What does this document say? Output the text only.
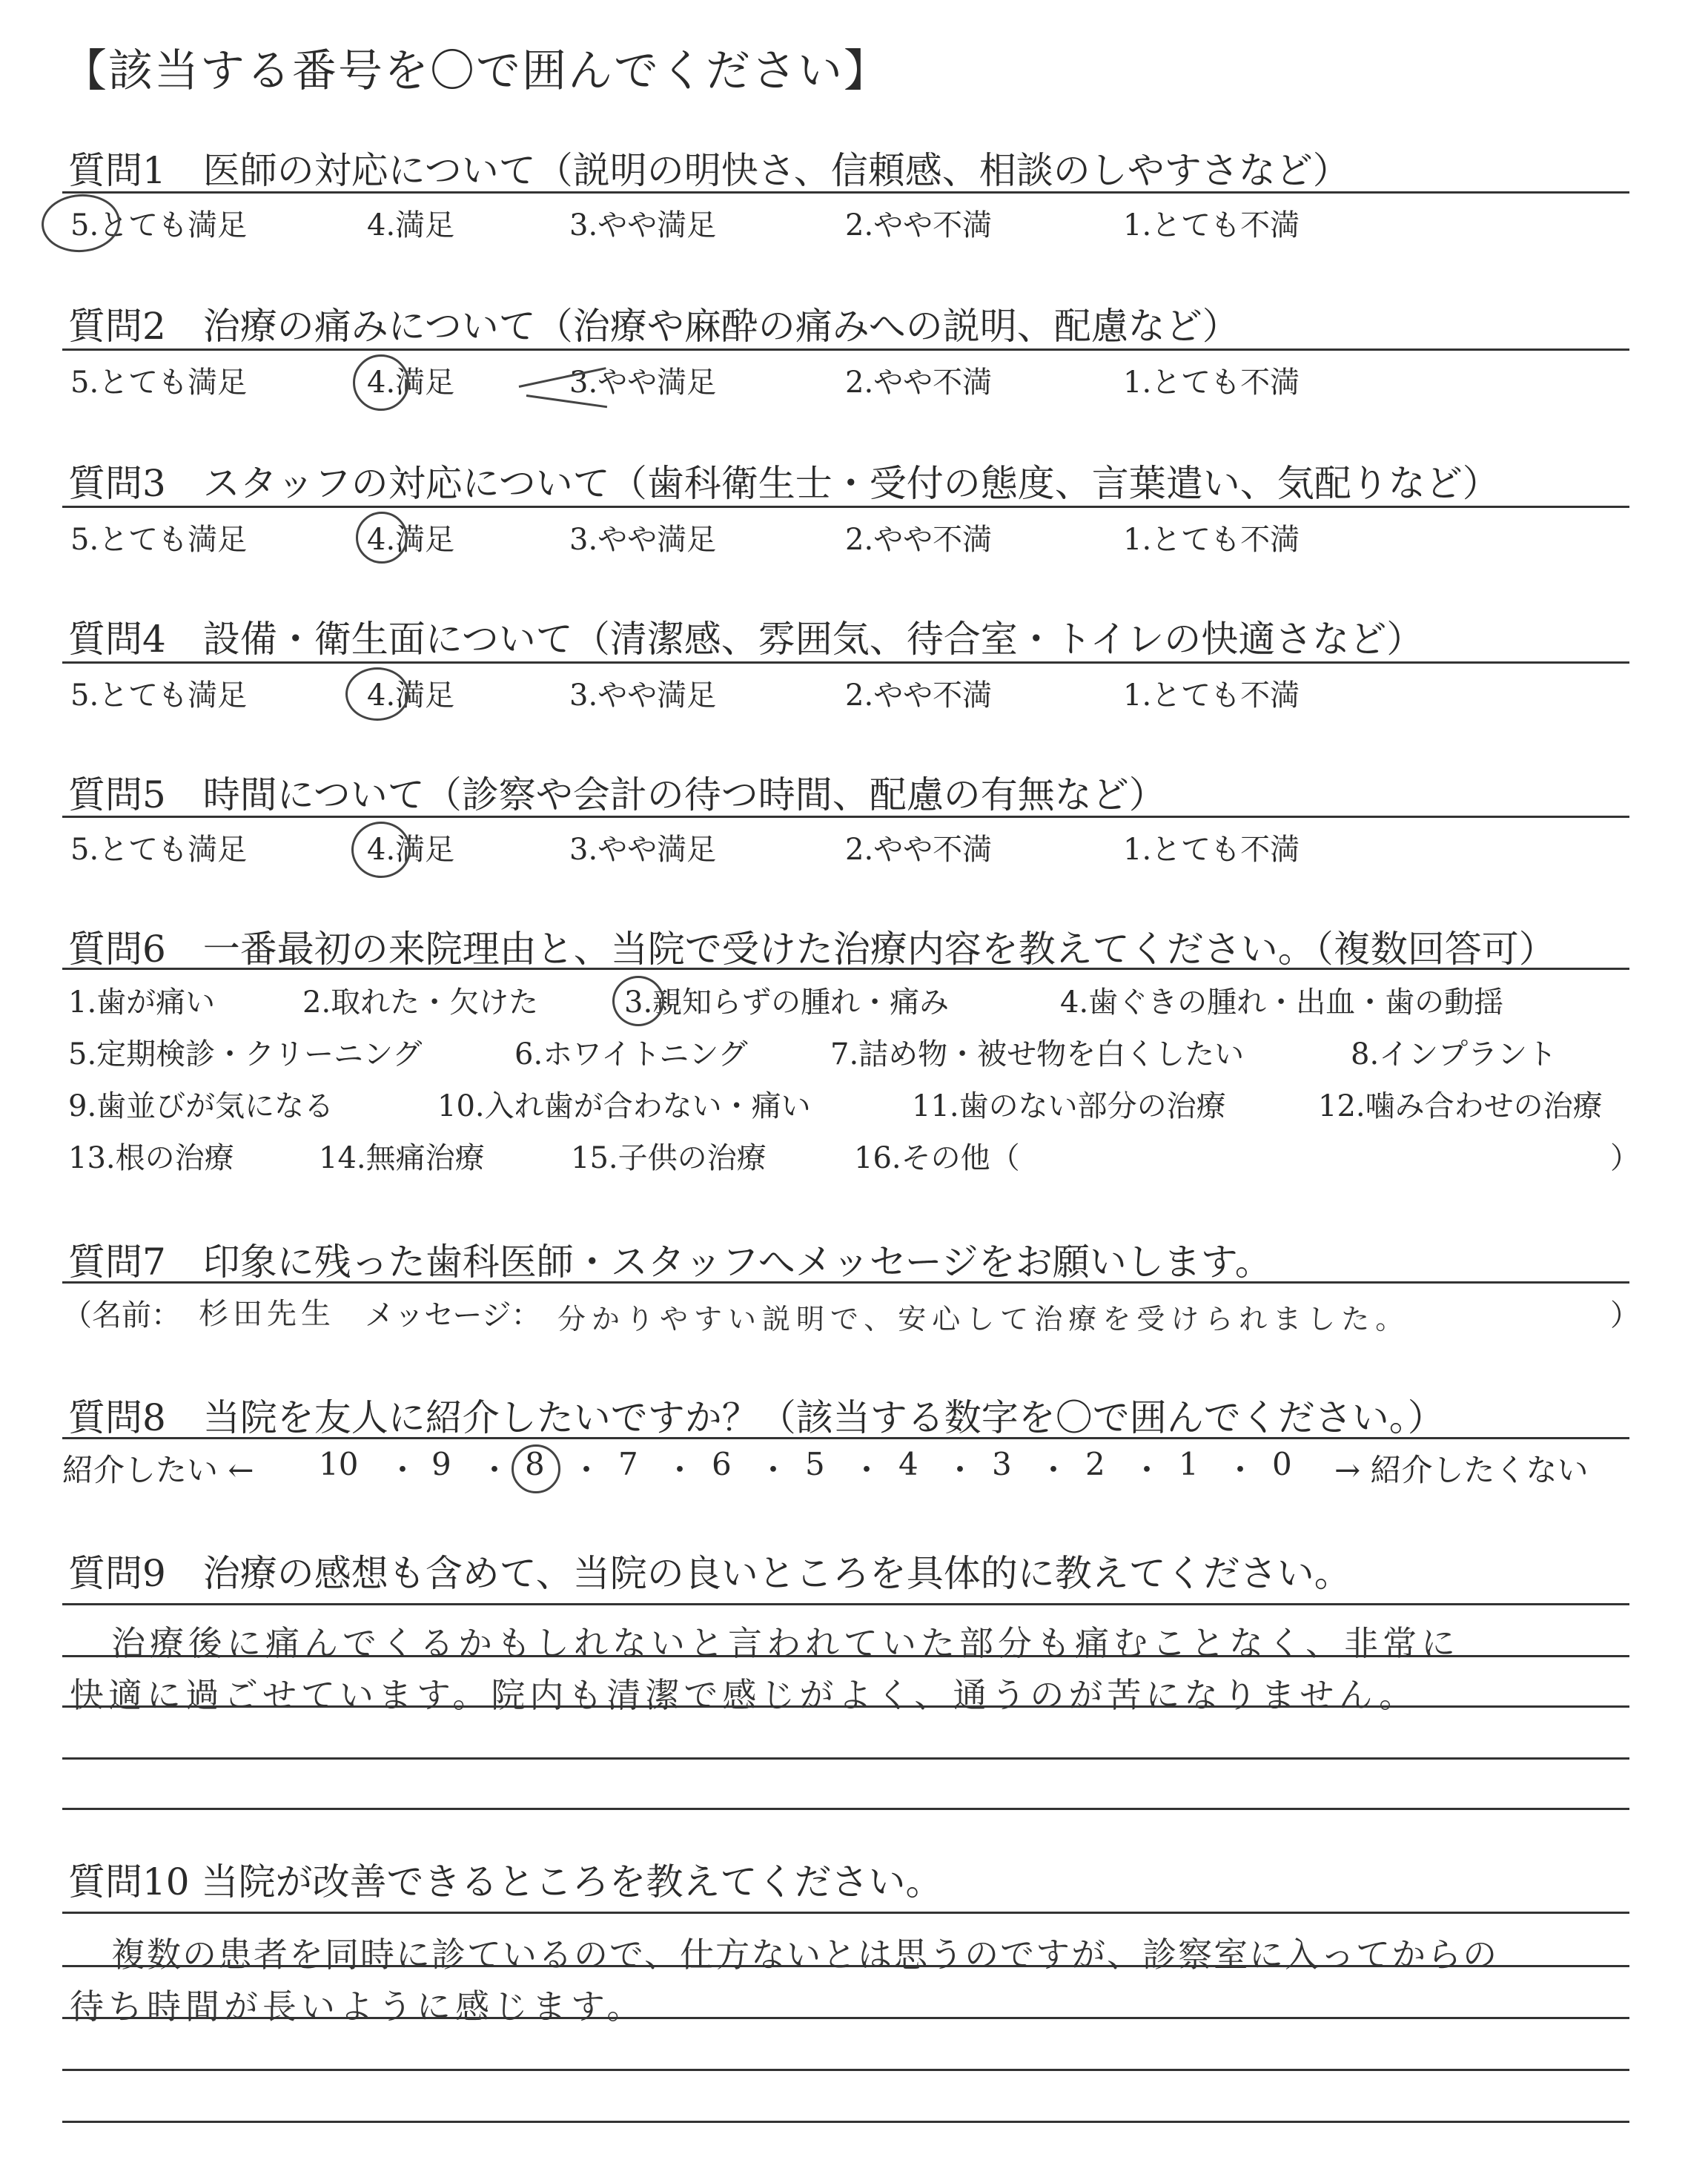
【該当する番号を〇で囲んでください】
質問1　医師の対応について（説明の明快さ、信頼感、相談のしやすさなど）
5.とても満足	4.満足	3.やや満足	2.やや不満	1.とても不満
質問2　治療の痛みについて（治療や麻酔の痛みへの説明、配慮など）
5.とても満足	4.満足	3.やや満足	2.やや不満	1.とても不満
質問3　スタッフの対応について（歯科衛生士・受付の態度、言葉遣い、気配りなど）
5.とても満足	4.満足	3.やや満足	2.やや不満	1.とても不満
質問4　設備・衛生面について（清潔感、雰囲気、待合室・トイレの快適さなど）
5.とても満足	4.満足	3.やや満足	2.やや不満	1.とても不満
質問5　時間について（診察や会計の待つ時間、配慮の有無など）
5.とても満足	4.満足	3.やや満足	2.やや不満	1.とても不満
質問6　一番最初の来院理由と、当院で受けた治療内容を教えてください。（複数回答可）
1.歯が痛い	2.取れた・欠けた	3.親知らずの腫れ・痛み	4.歯ぐきの腫れ・出血・歯の動揺
5.定期検診・クリーニング	6.ホワイトニング	7.詰め物・被せ物を白くしたい	8.インプラント
9.歯並びが気になる	10.入れ歯が合わない・痛い	11.歯のない部分の治療	12.噛み合わせの治療
13.根の治療	14.無痛治療	15.子供の治療	16.その他（	）
質問7　印象に残った歯科医師・スタッフへメッセージをお願いします。
（名前： 杉田先生 メッセージ： 分かりやすい説明で、安心して治療を受けられました。	）
質問8　当院を友人に紹介したいですか？（該当する数字を〇で囲んでください。）
紹介したい ← 10 ・ 9 ・ 8 ・ 7 ・ 6 ・ 5 ・ 4 ・ 3 ・ 2 ・ 1 ・ 0 → 紹介したくない
質問9　治療の感想も含めて、当院の良いところを具体的に教えてください。
治療後に痛んでくるかもしれないと言われていた部分も痛むことなく、非常に
快適に過ごせています。院内も清潔で感じがよく、通うのが苦になりません。
質問10 当院が改善できるところを教えてください。
複数の患者を同時に診ているので、仕方ないとは思うのですが、診察室に入ってからの
待ち時間が長いように感じます。
